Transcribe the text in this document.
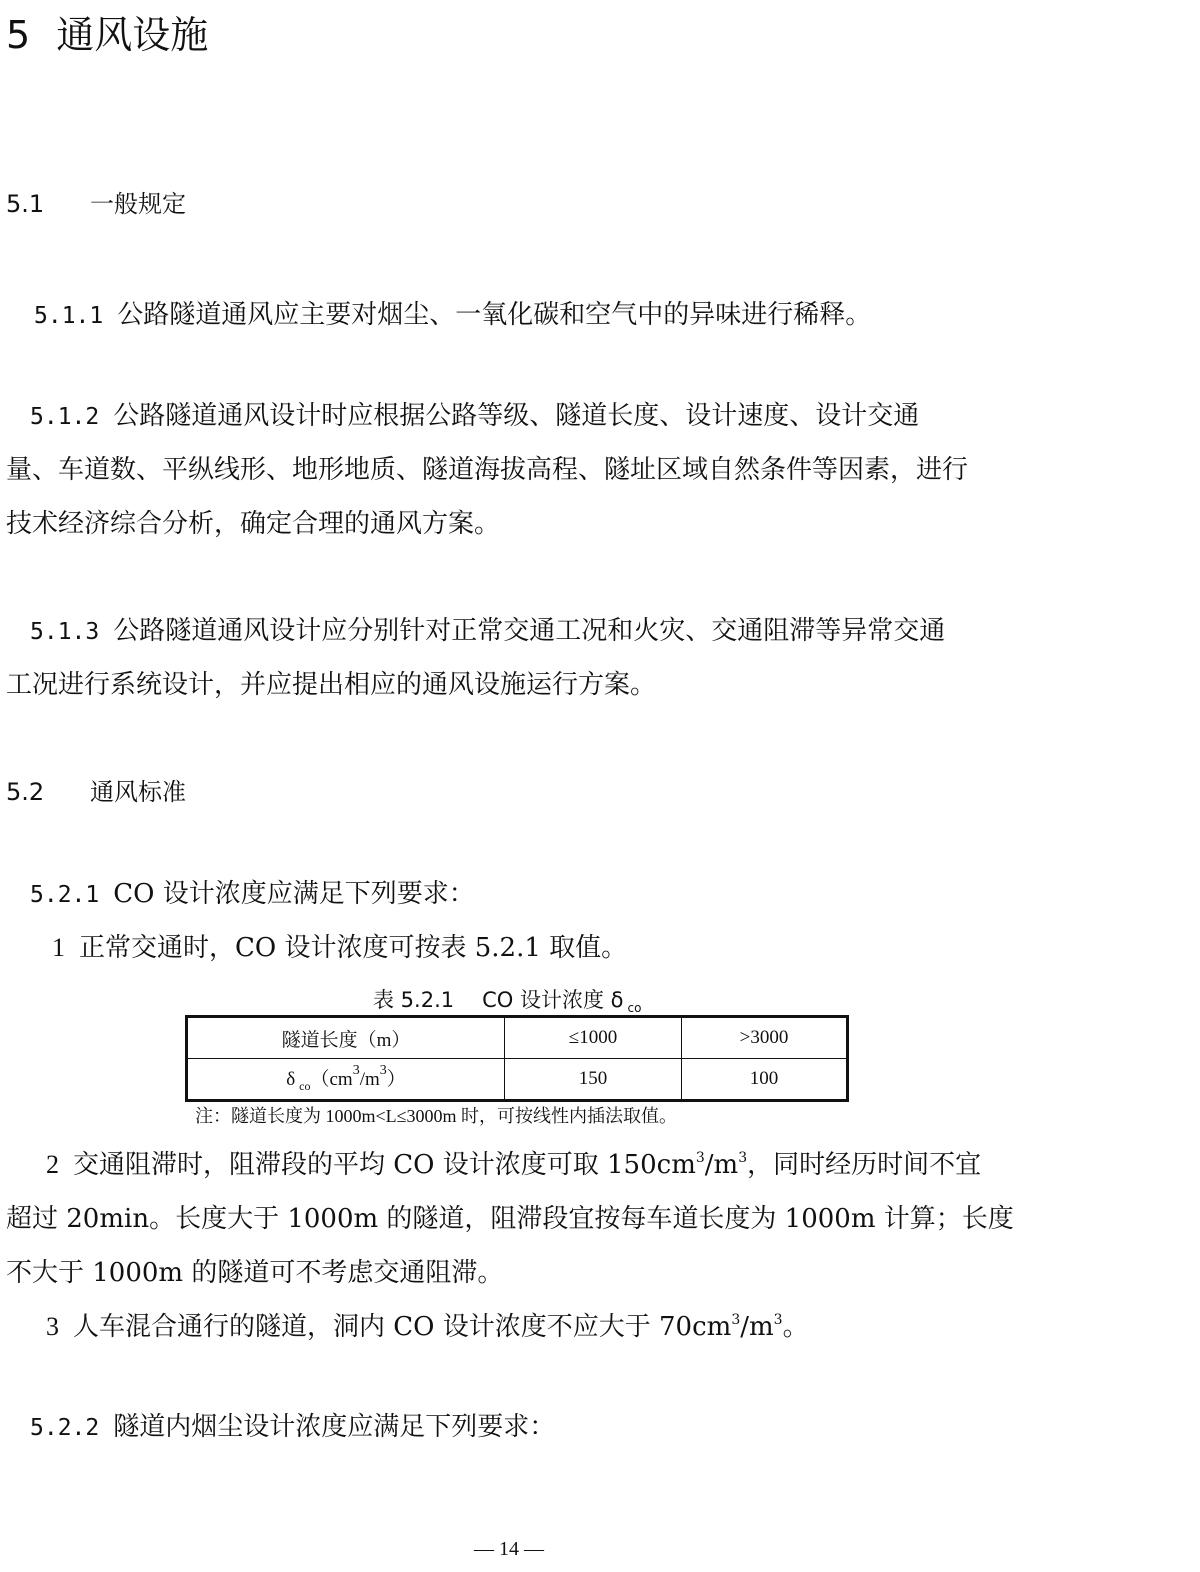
5 通风设施
5.1 一般规定
5.1.1 公路隧道通风应主要对烟尘、一氧化碳和空气中的异味进行稀释。
5.1.2 公路隧道通风设计时应根据公路等级、隧道长度、设计速度、设计交通
量、车道数、平纵线形、地形地质、隧道海拔高程、隧址区域自然条件等因素，进行
技术经济综合分析，确定合理的通风方案。
5.1.3 公路隧道通风设计应分别针对正常交通工况和火灾、交通阻滞等异常交通
工况进行系统设计，并应提出相应的通风设施运行方案。
5.2 通风标准
5.2.1 CO 设计浓度应满足下列要求：
1 正常交通时，CO 设计浓度可按表 5.2.1 取值。
表 5.2.1 CO 设计浓度 δ $_{co}$
隧道长度（m）	≤1000	>3000
δ $_{co}(cm^3/m^3)$	150	100
注：隧道长度为 1000m<L≤3000m 时，可按线性内插法取值。
2 交通阻滞时，阻滞段的平均 CO 设计浓度可取 $150cm^3/m^3$，同时经历时间不宜
超过 20min。长度大于 1000m 的隧道，阻滞段宜按每车道长度为 1000m 计算；长度
不大于 1000m 的隧道可不考虑交通阻滞。
3 人车混合通行的隧道，洞内 CO 设计浓度不应大于 $70cm^3/m^3$。
5.2.2 隧道内烟尘设计浓度应满足下列要求：
— 14 —
